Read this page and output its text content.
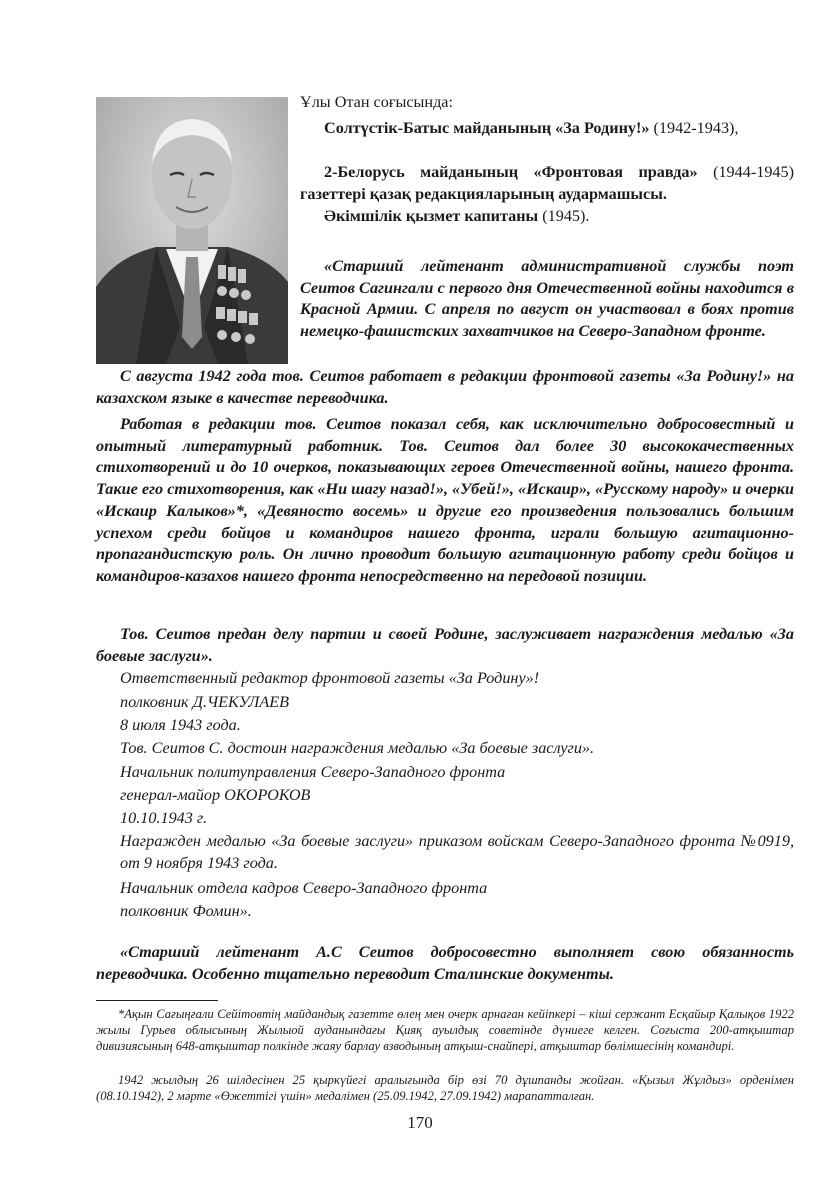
Ұлы Отан соғысында:

Солтүстік-Батыс майданының «За Родину!» (1942-1943),

2-Белорусь майданының «Фронтовая правда» (1944-1945) газеттері қазақ редакцияларының аудармашысы.

Әкімшілік қызмет капитаны (1945).

«Старший лейтенант административной службы поэт Сеитов Сагингали с первого дня Отечественной войны находится в Красной Армии. С апреля по август он участвовал в боях против немецко-фашистских захватчиков на Северо-Западном фронте.

С августа 1942 года тов. Сеитов работает в редакции фронтовой газеты «За Родину!» на казахском языке в качестве переводчика.

Работая в редакции тов. Сеитов показал себя, как исключительно добросовестный и опытный литературный работник. Тов. Сеитов дал более 30 высококачественных стихотворений и до 10 очерков, показывающих героев Отечественной войны, нашего фронта. Такие его стихотворения, как «Ни шагу назад!», «Убей!», «Искаир», «Русскому народу» и очерки «Искаир Калыков»*, «Девяносто восемь» и другие его произведения пользовались большим успехом среди бойцов и командиров нашего фронта, играли большую агитационно-пропагандистскую роль. Он лично проводит большую агитационную работу среди бойцов и командиров-казахов нашего фронта непосредственно на передовой позиции.

Тов. Сеитов предан делу партии и своей Родине, заслуживает награждения медалью «За боевые заслуги».

Ответственный редактор фронтовой газеты «За Родину»!

полковник Д.ЧЕКУЛАЕВ

8 июля 1943 года.

Тов. Сеитов С. достоин награждения медалью «За боевые заслуги».

Начальник политуправления Северо-Западного фронта

генерал-майор ОКОРОКОВ

10.10.1943 г.

Награжден медалью «За боевые заслуги» приказом войскам Северо-Западного фронта №0919, от 9 ноября 1943 года.

Начальник отдела кадров Северо-Западного фронта

полковник Фомин».

«Старший лейтенант А.С Сеитов добросовестно выполняет свою обязанность переводчика. Особенно тщательно переводит Сталинские документы.

*Ақын Сағыңғали Сейітовтің майдандық газетте өлең мен очерк арнаған кейіпкері – кіші сержант Есқайыр Қалықов 1922 жылы Гурьев облысының Жылыой ауданындағы Қияқ ауылдық советінде дүниеге келген. Соғыста 200-атқыштар дивизиясының 648-атқыштар полкінде жаяу барлау взводының атқыш-снайпері, атқыштар бөлімшесінің командирі.

1942 жылдың 26 шілдесінен 25 қыркүйегі аралығында бір өзі 70 дұшпанды жойған. «Қызыл Жұлдыз» орденімен (08.10.1942), 2 мәрте «Өжеттігі үшін» медалімен (25.09.1942, 27.09.1942) марапатталған.

170
